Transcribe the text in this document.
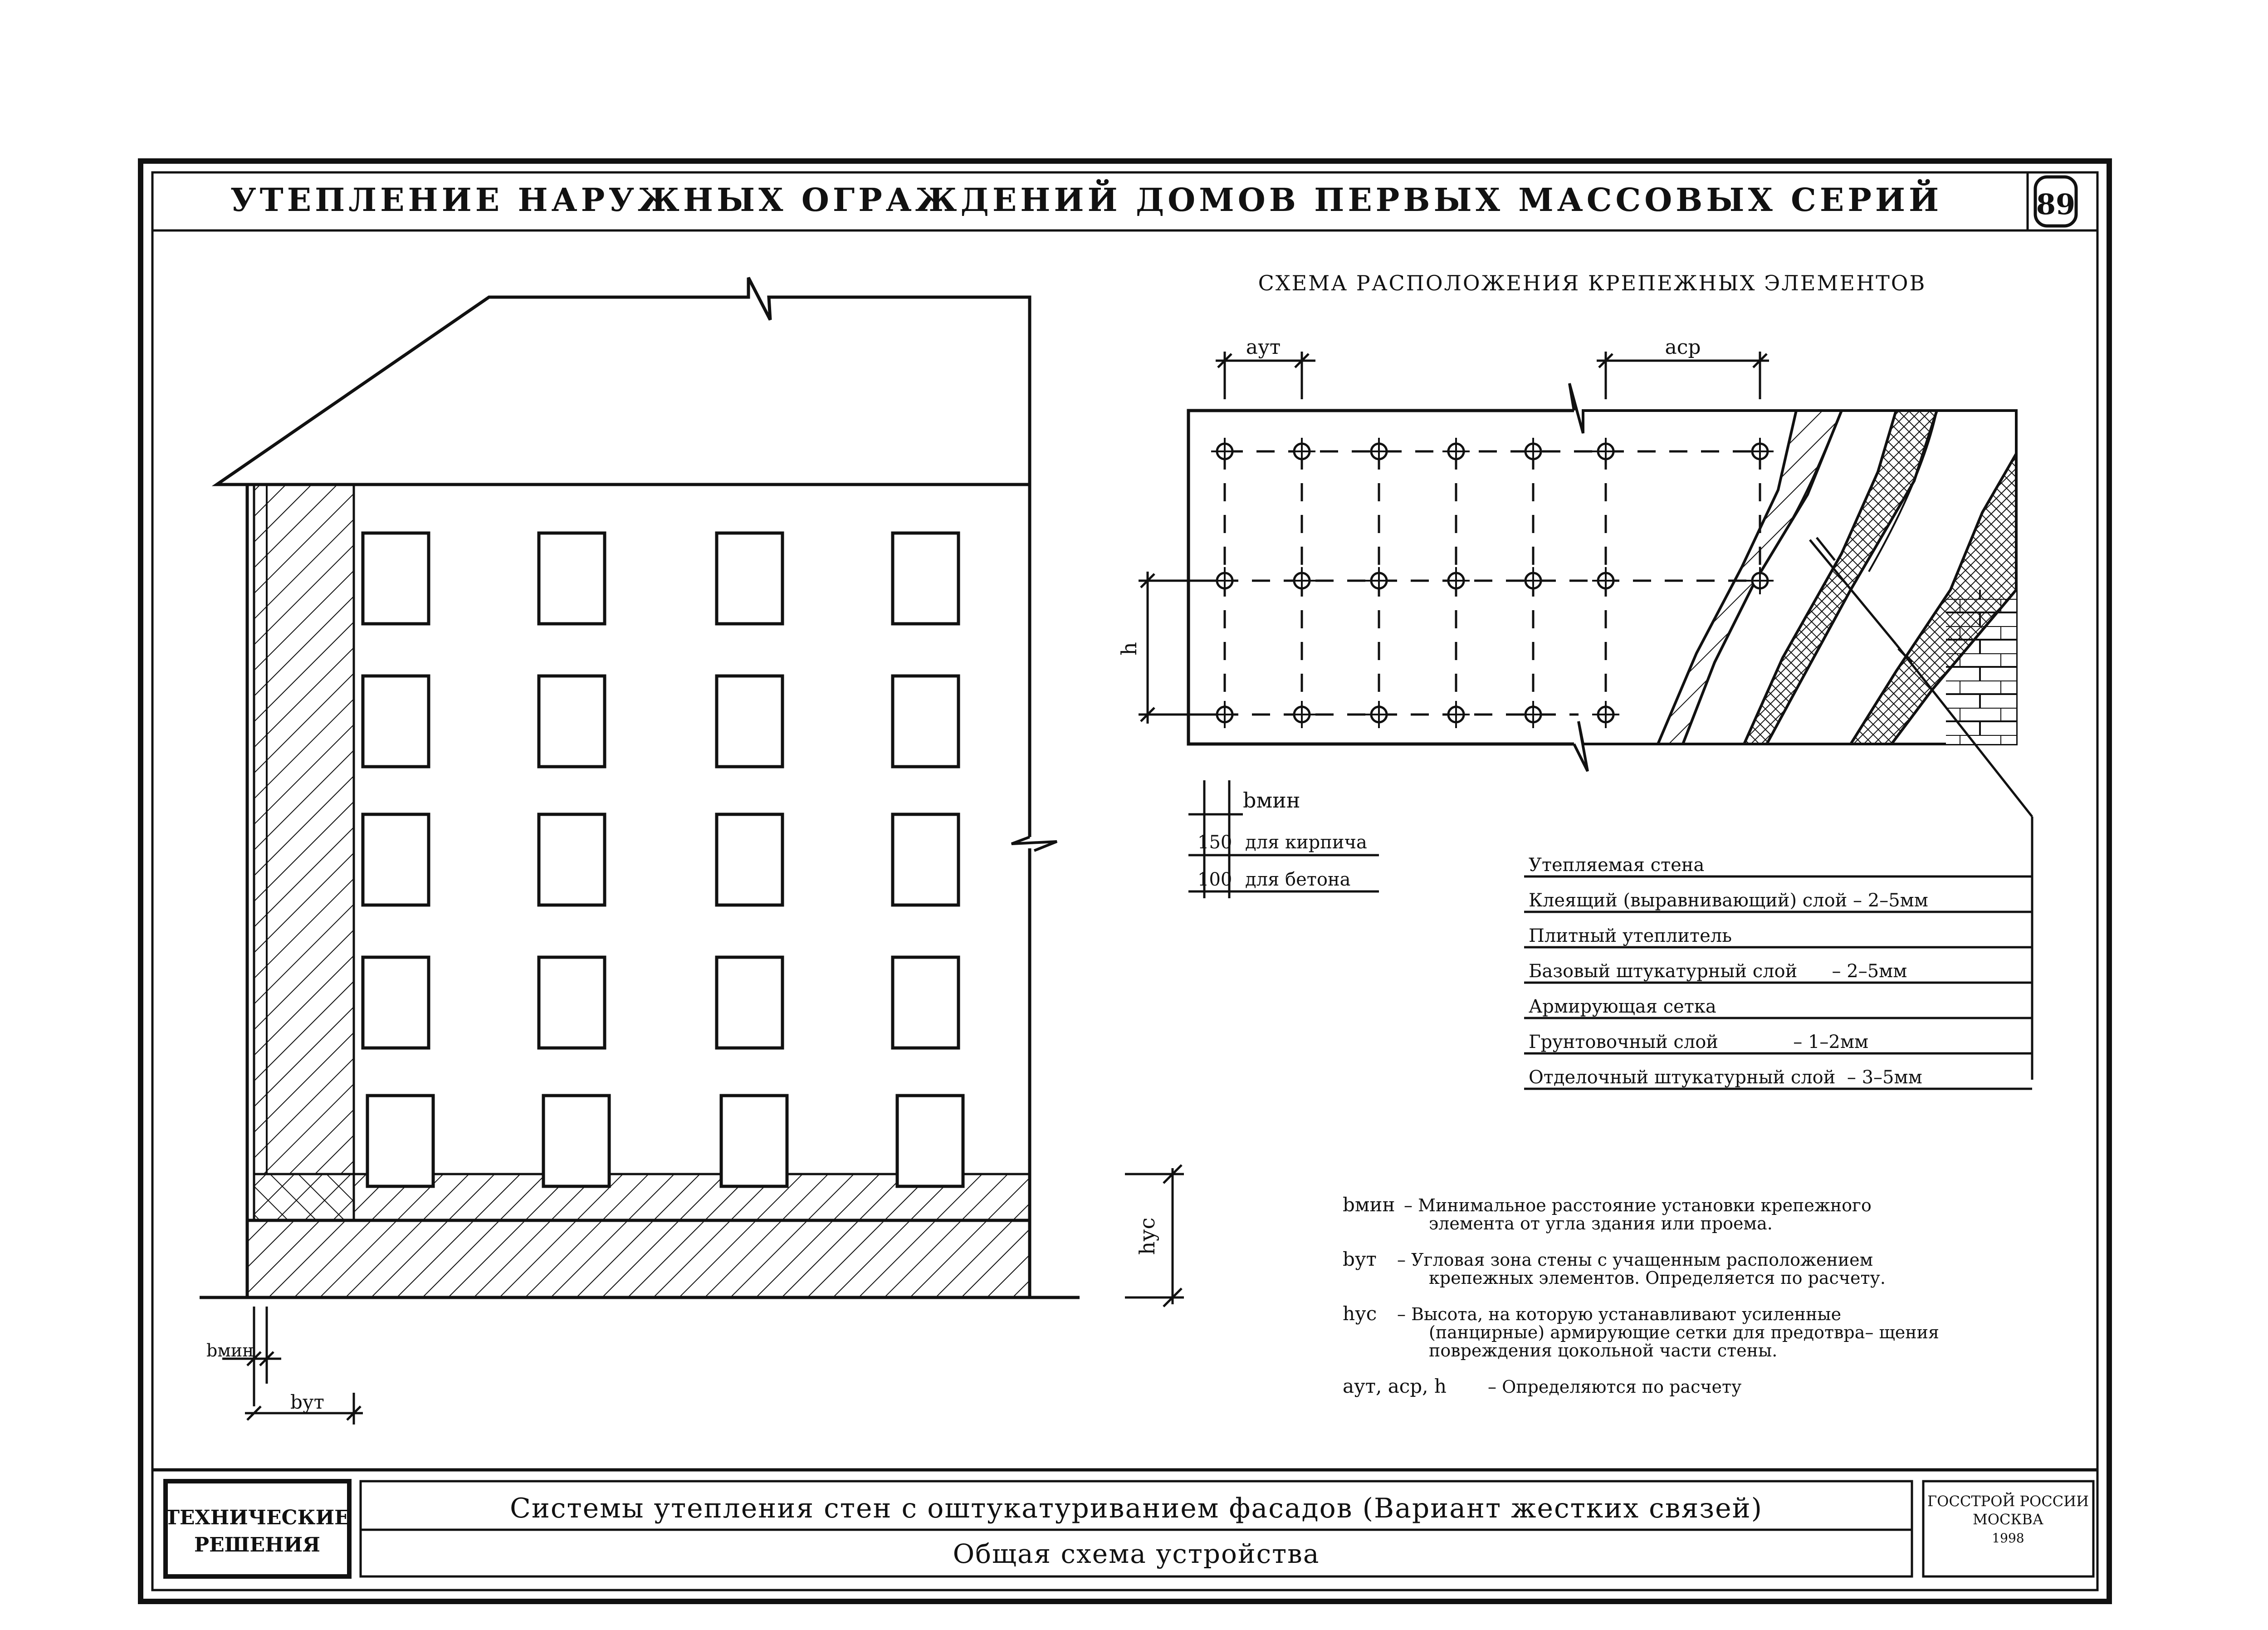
УТЕПЛЕНИЕ НАРУЖНЫХ ОГРАЖДЕНИЙ ДОМОВ ПЕРВЫХ МАССОВЫХ СЕРИЙ	89
hус
bмин
bут
СХЕМА РАСПОЛОЖЕНИЯ КРЕПЕЖНЫХ ЭЛЕМЕНТОВ
aут	aср
h
bмин
150 для кирпича
100 для бетона
Утепляемая стена
Клеящий (выравнивающий) слой – 2–5мм
Плитный утеплитель
Базовый штукатурный слой      – 2–5мм
Армирующая сетка
Грунтовочный слой             – 1–2мм
Отделочный штукатурный слой  – 3–5мм
bмин – Минимальное расстояние установки крепежного
элемента от угла здания или проема.
bут – Угловая зона стены с учащенным расположением
крепежных элементов. Определяется по расчету.
hус – Высота, на которую устанавливают усиленные
(панцирные) армирующие сетки для предотвра– щения
повреждения цокольной части стены.
aут, aср, h – Определяются по расчету
ТЕХНИЧЕСКИЕ
РЕШЕНИЯ
Системы утепления стен с оштукатуриванием фасадов (Вариант жестких связей)
Общая схема устройства
ГОССТРОЙ РОССИИ
МОСКВА
1998
